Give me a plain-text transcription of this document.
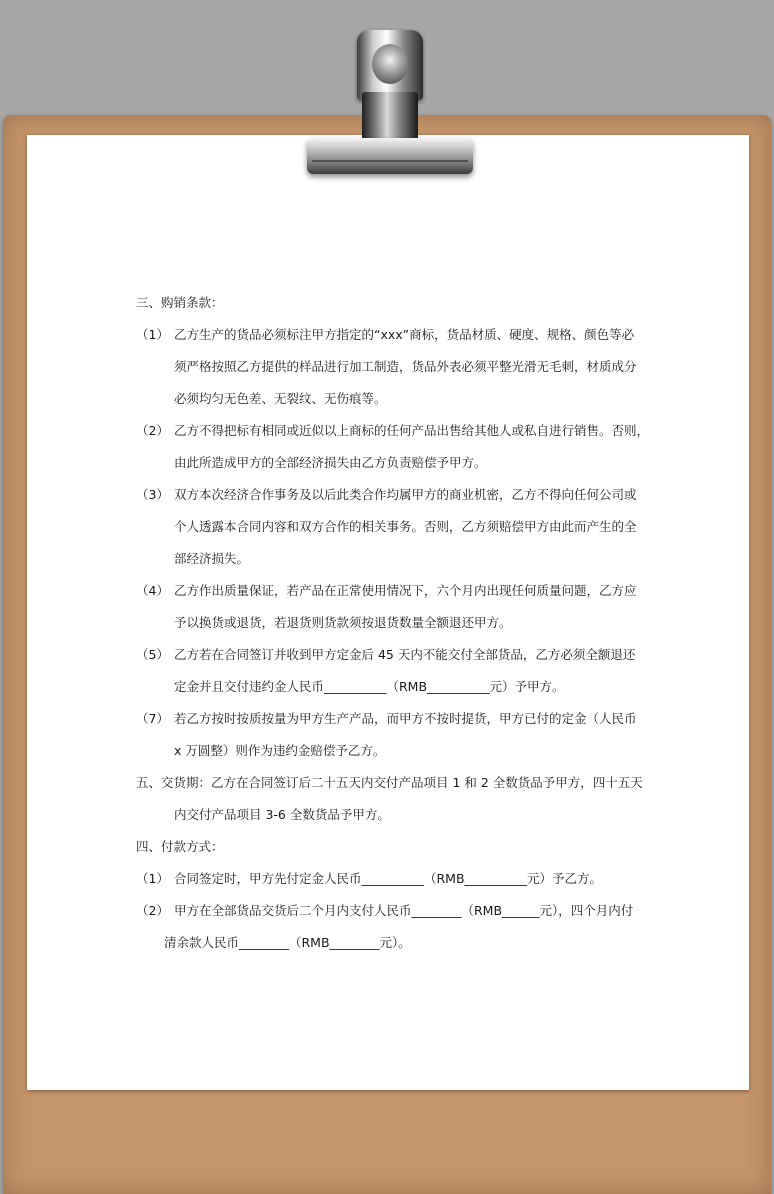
三、购销条款：
（1） 乙方生产的货品必须标注甲方指定的“xxx”商标，货品材质、硬度、规格、颜色等必
须严格按照乙方提供的样品进行加工制造，货品外表必须平整光滑无毛刺，材质成分
必须均匀无色差、无裂纹、无伤痕等。
（2） 乙方不得把标有相同或近似以上商标的任何产品出售给其他人或私自进行销售。否则，
由此所造成甲方的全部经济损失由乙方负责赔偿予甲方。
（3） 双方本次经济合作事务及以后此类合作均属甲方的商业机密，乙方不得向任何公司或
个人透露本合同内容和双方合作的相关事务。否则，乙方须赔偿甲方由此而产生的全
部经济损失。
（4） 乙方作出质量保证，若产品在正常使用情况下，六个月内出现任何质量问题，乙方应
予以换货或退货，若退货则货款须按退货数量全额退还甲方。
（5） 乙方若在合同签订并收到甲方定金后 45 天内不能交付全部货品，乙方必须全额退还
定金并且交付违约金人民币__________（RMB__________元）予甲方。
（7） 若乙方按时按质按量为甲方生产产品，而甲方不按时提货，甲方已付的定金（人民币
x 万圆整）则作为违约金赔偿予乙方。
五、交货期：乙方在合同签订后二十五天内交付产品项目 1 和 2 全数货品予甲方，四十五天
内交付产品项目 3-6 全数货品予甲方。
四、付款方式：
（1） 合同签定时，甲方先付定金人民币__________（RMB__________元）予乙方。
（2） 甲方在全部货品交货后二个月内支付人民币________（RMB______元），四个月内付
清余款人民币________（RMB________元）。
